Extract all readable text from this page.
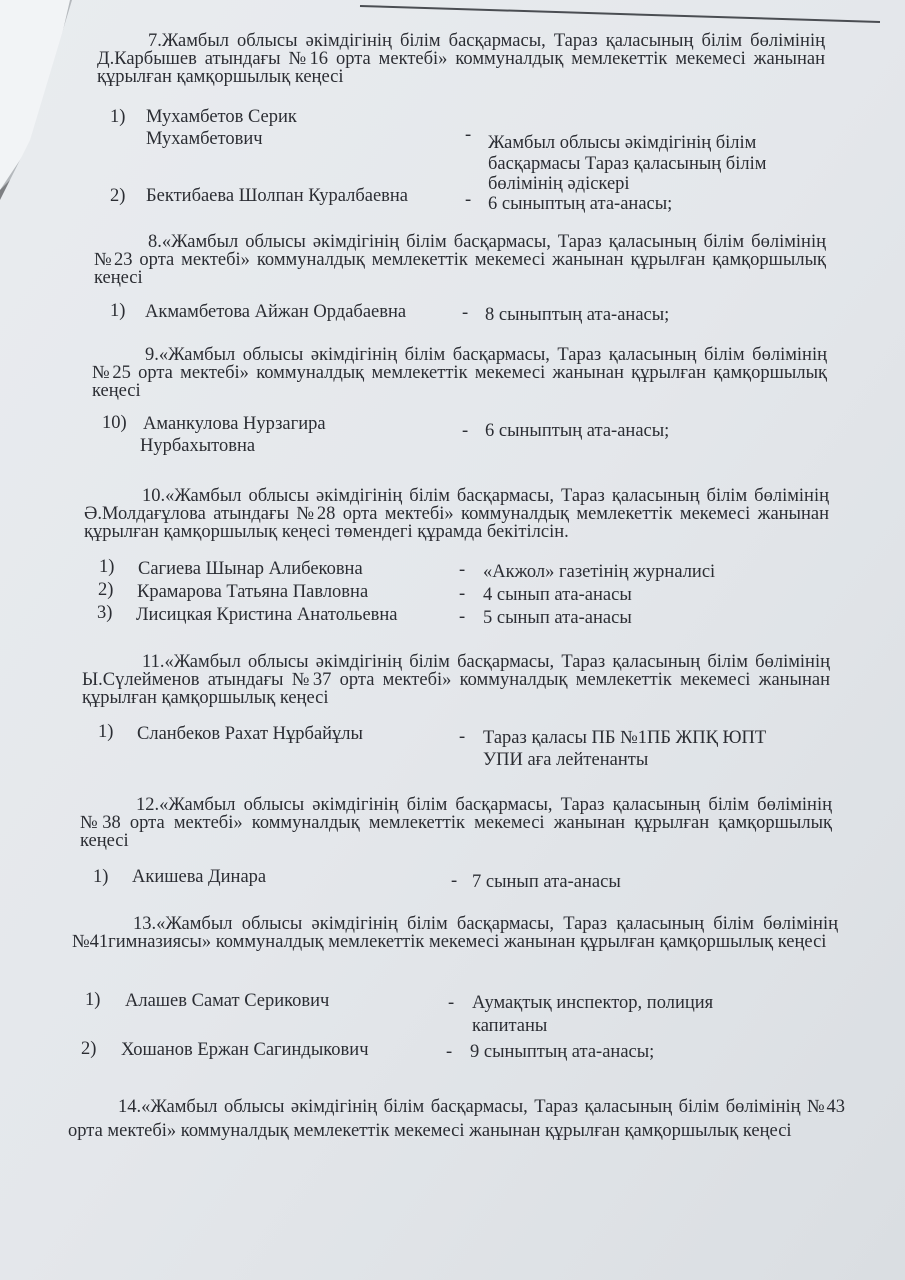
7.Жамбыл облысы әкімдігінің білім басқармасы, Тараз қаласының білім бөлімінің Д.Карбышев атындағы №16 орта мектебі» коммуналдық мемлекеттік мекемесі жанынан құрылған қамқоршылық кеңесі

1) Мухамбетов Серик
Мухамбетович	- Жамбыл облысы әкімдігінің білім
басқармасы Тараз қаласының білім
бөлімінің әдіскері
2) Бектибаева Шолпан Куралбаевна	- 6 сыныптың ата-анасы;

8.«Жамбыл облысы әкімдігінің білім басқармасы, Тараз қаласының білім бөлімінің №23 орта мектебі» коммуналдық мемлекеттік мекемесі жанынан құрылған қамқоршылық кеңесі

1) Акмамбетова Айжан Ордабаевна	- 8 сыныптың ата-анасы;

9.«Жамбыл облысы әкімдігінің білім басқармасы, Тараз қаласының білім бөлімінің №25 орта мектебі» коммуналдық мемлекеттік мекемесі жанынан құрылған қамқоршылық кеңесі

10) Аманкулова Нурзагира
Нурбахытовна
- 6 сыныптың ата-анасы;

10.«Жамбыл облысы әкімдігінің білім басқармасы, Тараз қаласының білім бөлімінің Ә.Молдағұлова атындағы №28 орта мектебі» коммуналдық мемлекеттік мекемесі жанынан құрылған қамқоршылық кеңесі төмендегі құрамда бекітілсін.

1) Сагиева Шынар Алибековна	- «Акжол» газетінің журналисі
2) Крамарова Татьяна Павловна	- 4 сынып ата-анасы
3) Лисицкая Кристина Анатольевна	- 5 сынып ата-анасы

11.«Жамбыл облысы әкімдігінің білім басқармасы, Тараз қаласының білім бөлімінің Ы.Сүлейменов атындағы №37 орта мектебі» коммуналдық мемлекеттік мекемесі жанынан құрылған қамқоршылық кеңесі

1) Сланбеков Рахат Нұрбайұлы	- Тараз қаласы ПБ №1ПБ ЖПҚ ЮПТ
УПИ аға лейтенанты

12.«Жамбыл облысы әкімдігінің білім басқармасы, Тараз қаласының білім бөлімінің №38 орта мектебі» коммуналдық мемлекеттік мекемесі жанынан құрылған қамқоршылық кеңесі

1) Акишева Динара	- 7 сынып ата-анасы

13.«Жамбыл облысы әкімдігінің білім басқармасы, Тараз қаласының білім бөлімінің №41гимназиясы» коммуналдық мемлекеттік мекемесі жанынан құрылған қамқоршылық кеңесі

1) Алашев Самат Серикович	- Аумақтық инспектор, полиция
капитаны
2) Хошанов Ержан Сагиндыкович	- 9 сыныптың ата-анасы;

14.«Жамбыл облысы әкімдігінің білім басқармасы, Тараз қаласының білім бөлімінің №43 орта мектебі» коммуналдық мемлекеттік мекемесі жанынан құрылған қамқоршылық кеңесі
